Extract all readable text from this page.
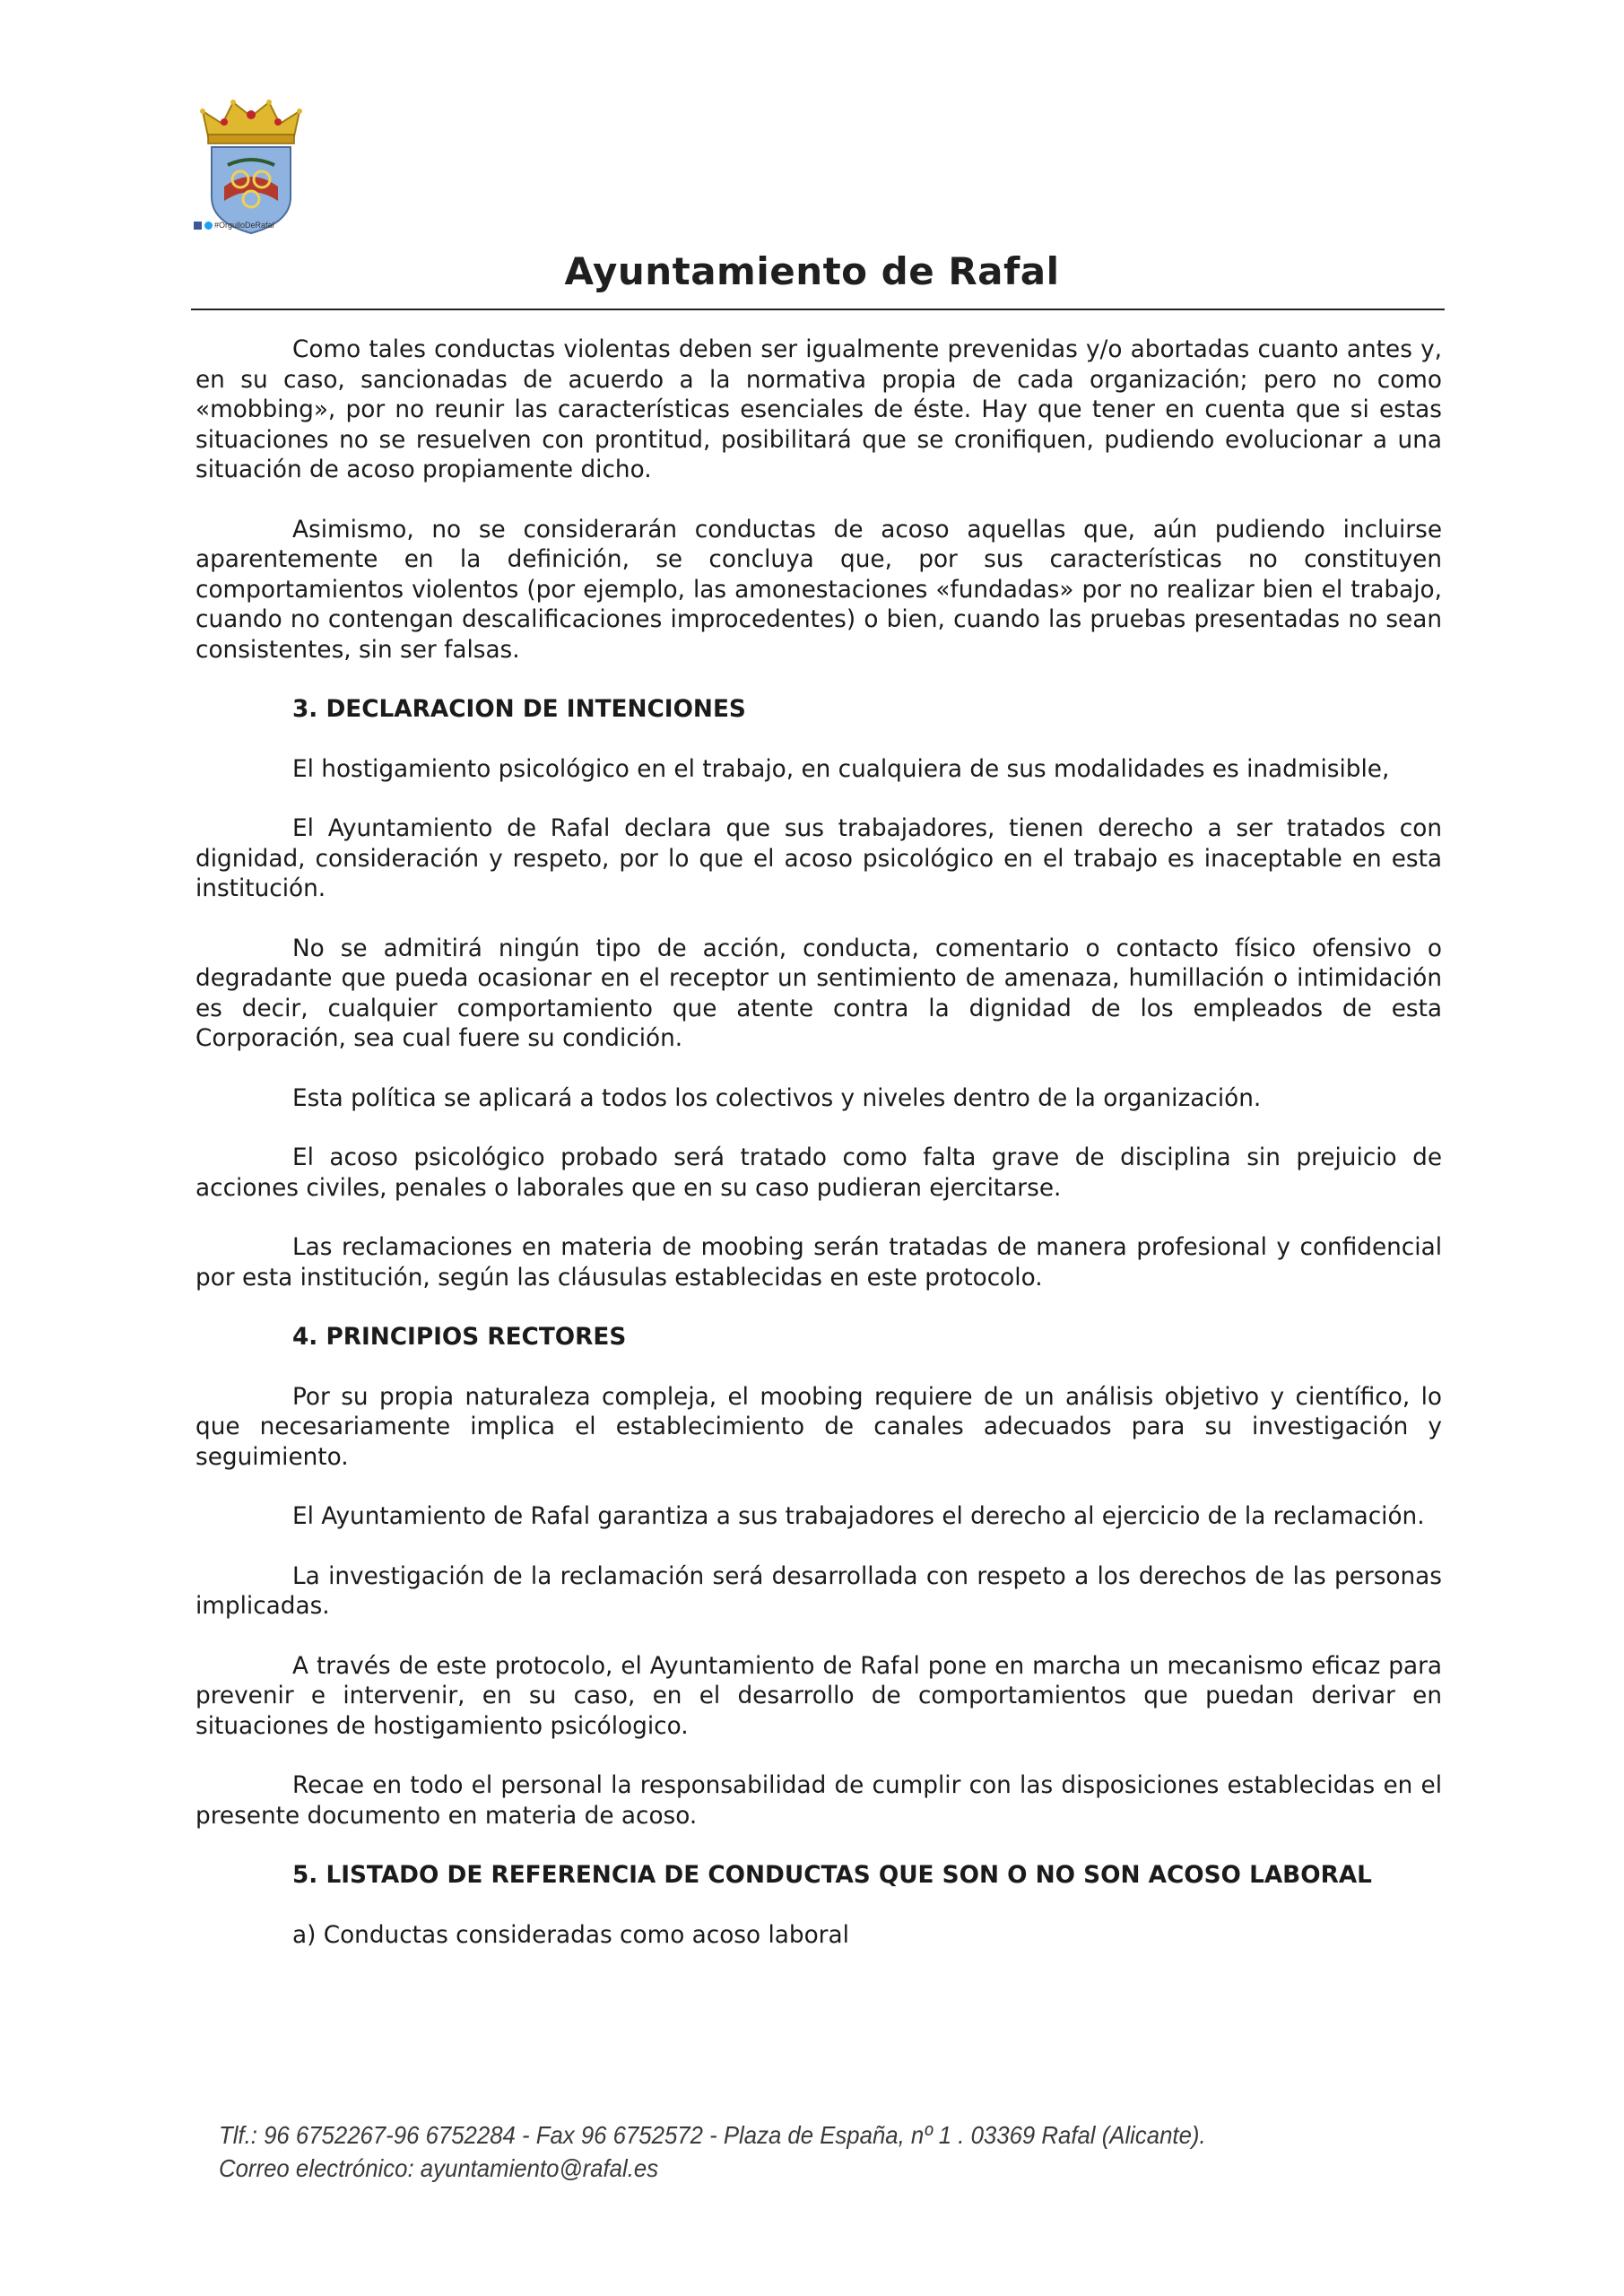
#OrgulloDeRafal
Ayuntamiento de Rafal

Como tales conductas violentas deben ser igualmente prevenidas y/o abortadas cuanto antes y, en su caso, sancionadas de acuerdo a la normativa propia de cada organización; pero no como «mobbing», por no reunir las características esenciales de éste. Hay que tener en cuenta que si estas situaciones no se resuelven con prontitud, posibilitará que se cronifiquen, pudiendo evolucionar a una situación de acoso propiamente dicho.

Asimismo, no se considerarán conductas de acoso aquellas que, aún pudiendo incluirse aparentemente en la definición, se concluya que, por sus características no constituyen comportamientos violentos (por ejemplo, las amonestaciones «fundadas» por no realizar bien el trabajo, cuando no contengan descalificaciones improcedentes) o bien, cuando las pruebas presentadas no sean consistentes, sin ser falsas.

3. DECLARACION DE INTENCIONES

El hostigamiento psicológico en el trabajo, en cualquiera de sus modalidades es inadmisible,

El Ayuntamiento de Rafal declara que sus trabajadores, tienen derecho a ser tratados con dignidad, consideración y respeto, por lo que el acoso psicológico en el trabajo es inaceptable en esta institución.

No se admitirá ningún tipo de acción, conducta, comentario o contacto físico ofensivo o degradante que pueda ocasionar en el receptor un sentimiento de amenaza, humillación o intimidación es decir, cualquier comportamiento que atente contra la dignidad de los empleados de esta Corporación, sea cual fuere su condición.

Esta política se aplicará a todos los colectivos y niveles dentro de la organización.

El acoso psicológico probado será tratado como falta grave de disciplina sin prejuicio de acciones civiles, penales o laborales que en su caso pudieran ejercitarse.

Las reclamaciones en materia de moobing serán tratadas de manera profesional y confidencial por esta institución, según las cláusulas establecidas en este protocolo.

4. PRINCIPIOS RECTORES

Por su propia naturaleza compleja, el moobing requiere de un análisis objetivo y científico, lo que necesariamente implica el establecimiento de canales adecuados para su investigación y seguimiento.

El Ayuntamiento de Rafal garantiza a sus trabajadores el derecho al ejercicio de la reclamación.

La investigación de la reclamación será desarrollada con respeto a los derechos de las personas implicadas.

A través de este protocolo, el Ayuntamiento de Rafal pone en marcha un mecanismo eficaz para prevenir e intervenir, en su caso, en el desarrollo de comportamientos que puedan derivar en situaciones de hostigamiento psicólogico.

Recae en todo el personal la responsabilidad de cumplir con las disposiciones establecidas en el presente documento en materia de acoso.

5. LISTADO DE REFERENCIA DE CONDUCTAS QUE SON O NO SON ACOSO LABORAL

a) Conductas consideradas como acoso laboral

Tlf.: 96 6752267-96 6752284 - Fax 96 6752572 - Plaza de España, nº 1 . 03369 Rafal (Alicante).
Correo electrónico: ayuntamiento@rafal.es
